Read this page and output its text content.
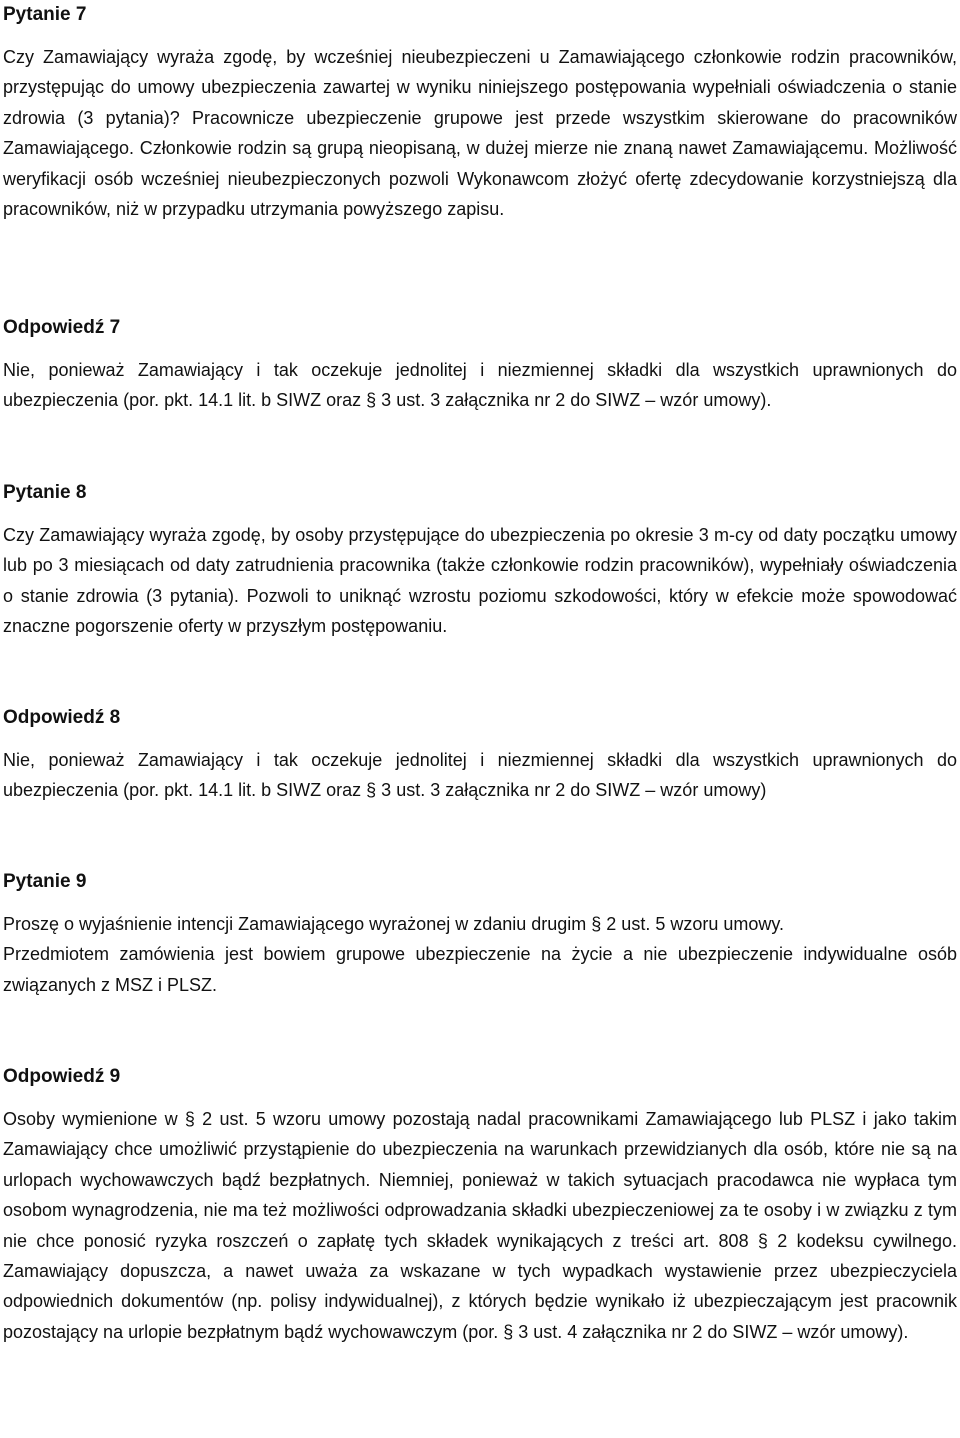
Pytanie 7

Czy Zamawiający wyraża zgodę, by wcześniej nieubezpieczeni u Zamawiającego członkowie rodzin pracowników, przystępując do umowy ubezpieczenia zawartej w wyniku niniejszego postępowania wypełniali oświadczenia o stanie zdrowia (3 pytania)? Pracownicze ubezpieczenie grupowe jest przede wszystkim skierowane do pracowników Zamawiającego. Członkowie rodzin są grupą nieopisaną, w dużej mierze nie znaną nawet Zamawiającemu. Możliwość weryfikacji osób wcześniej nieubezpieczonych pozwoli Wykonawcom złożyć ofertę zdecydowanie korzystniejszą dla pracowników, niż w przypadku utrzymania powyższego zapisu.

Odpowiedź 7

Nie, ponieważ Zamawiający i tak oczekuje jednolitej i niezmiennej składki dla wszystkich uprawnionych do ubezpieczenia (por. pkt. 14.1 lit. b SIWZ oraz § 3 ust. 3 załącznika nr 2 do SIWZ – wzór umowy).

Pytanie 8

Czy Zamawiający wyraża zgodę, by osoby przystępujące do ubezpieczenia po okresie 3 m-cy od daty początku umowy lub po 3 miesiącach od daty zatrudnienia pracownika (także członkowie rodzin pracowników), wypełniały oświadczenia o stanie zdrowia (3 pytania). Pozwoli to uniknąć wzrostu poziomu szkodowości, który w efekcie może spowodować znaczne pogorszenie oferty w przyszłym postępowaniu.

Odpowiedź 8

Nie, ponieważ Zamawiający i tak oczekuje jednolitej i niezmiennej składki dla wszystkich uprawnionych do ubezpieczenia (por. pkt. 14.1 lit. b SIWZ oraz § 3 ust. 3 załącznika nr 2 do SIWZ – wzór umowy)

Pytanie 9

Proszę o wyjaśnienie intencji Zamawiającego wyrażonej w zdaniu drugim § 2 ust. 5 wzoru umowy.

Przedmiotem zamówienia jest bowiem grupowe ubezpieczenie na życie a nie ubezpieczenie indywidualne osób związanych z MSZ i PLSZ.

Odpowiedź 9

Osoby wymienione w § 2 ust. 5 wzoru umowy pozostają nadal pracownikami Zamawiającego lub PLSZ i jako takim Zamawiający chce umożliwić przystąpienie do ubezpieczenia na warunkach przewidzianych dla osób, które nie są na urlopach wychowawczych bądź bezpłatnych. Niemniej, ponieważ w takich sytuacjach pracodawca nie wypłaca tym osobom wynagrodzenia, nie ma też możliwości odprowadzania składki ubezpieczeniowej za te osoby i w związku z tym nie chce ponosić ryzyka roszczeń o zapłatę tych składek wynikających z treści art. 808 § 2 kodeksu cywilnego. Zamawiający dopuszcza, a nawet uważa za wskazane w tych wypadkach wystawienie przez ubezpieczyciela odpowiednich dokumentów (np. polisy indywidualnej), z których będzie wynikało iż ubezpieczającym jest pracownik pozostający na urlopie bezpłatnym bądź wychowawczym (por. § 3 ust. 4 załącznika nr 2 do SIWZ – wzór umowy).
